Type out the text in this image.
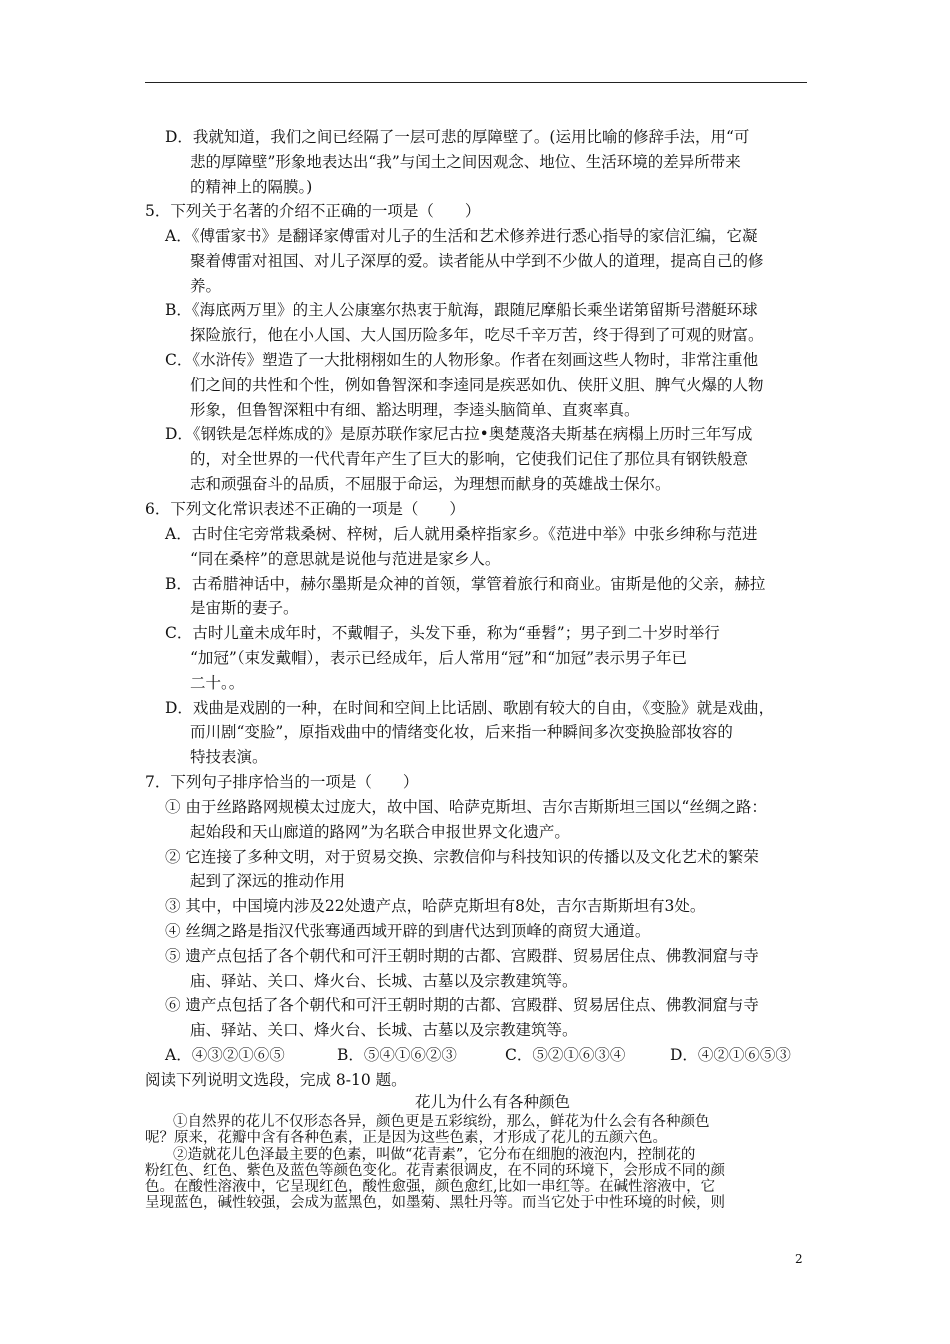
D．我就知道，我们之间已经隔了一层可悲的厚障壁了。(运用比喻的修辞手法，用“可

悲的厚障壁”形象地表达出“我”与闰土之间因观念、地位、生活环境的差异所带来

的精神上的隔膜。)

5．下列关于名著的介绍不正确的一项是（　　）

A．《傅雷家书》是翻译家傅雷对儿子的生活和艺术修养进行悉心指导的家信汇编，它凝

聚着傅雷对祖国、对儿子深厚的爱。读者能从中学到不少做人的道理，提高自己的修

养。

B．《海底两万里》的主人公康塞尔热衷于航海，跟随尼摩船长乘坐诺第留斯号潜艇环球

探险旅行，他在小人国、大人国历险多年，吃尽千辛万苦，终于得到了可观的财富。

C．《水浒传》塑造了一大批栩栩如生的人物形象。作者在刻画这些人物时，非常注重他

们之间的共性和个性，例如鲁智深和李逵同是疾恶如仇、侠肝义胆、脾气火爆的人物

形象，但鲁智深粗中有细、豁达明理，李逵头脑简单、直爽率真。

D．《钢铁是怎样炼成的》是原苏联作家尼古拉•奥楚蔑洛夫斯基在病榻上历时三年写成

的，对全世界的一代代青年产生了巨大的影响，它使我们记住了那位具有钢铁般意

志和顽强奋斗的品质，不屈服于命运，为理想而献身的英雄战士保尔。

6．下列文化常识表述不正确的一项是（　　）

A．古时住宅旁常栽桑树、梓树，后人就用桑梓指家乡。《范进中举》中张乡绅称与范进

“同在桑梓”的意思就是说他与范进是家乡人。

B．古希腊神话中，赫尔墨斯是众神的首领，掌管着旅行和商业。宙斯是他的父亲，赫拉

是宙斯的妻子。

C．古时儿童未成年时，不戴帽子，头发下垂，称为“垂髫”；男子到二十岁时举行

“加冠”（束发戴帽），表示已经成年，后人常用“冠”和“加冠”表示男子年已

二十。。

D．戏曲是戏剧的一种，在时间和空间上比话剧、歌剧有较大的自由，《变脸》就是戏曲，

而川剧“变脸”，原指戏曲中的情绪变化妆，后来指一种瞬间多次变换脸部妆容的

特技表演。

7．下列句子排序恰当的一项是（　　）

① 由于丝路路网规模太过庞大，故中国、哈萨克斯坦、吉尔吉斯斯坦三国以“丝绸之路：

起始段和天山廊道的路网”为名联合申报世界文化遗产。

② 它连接了多种文明，对于贸易交换、宗教信仰与科技知识的传播以及文化艺术的繁荣

起到了深远的推动作用

③ 其中，中国境内涉及22处遗产点，哈萨克斯坦有8处，吉尔吉斯斯坦有3处。

④ 丝绸之路是指汉代张骞通西域开辟的到唐代达到顶峰的商贸大通道。

⑤ 遗产点包括了各个朝代和可汗王朝时期的古都、宫殿群、贸易居住点、佛教洞窟与寺

庙、驿站、关口、烽火台、长城、古墓以及宗教建筑等。

⑥ 遗产点包括了各个朝代和可汗王朝时期的古都、宫殿群、贸易居住点、佛教洞窟与寺

庙、驿站、关口、烽火台、长城、古墓以及宗教建筑等。

A．④③②①⑥⑤	B．⑤④①⑥②③	C．⑤②①⑥③④	D．④②①⑥⑤③

阅读下列说明文选段，完成 8-10 题。

花儿为什么有各种颜色

①自然界的花儿不仅形态各异，颜色更是五彩缤纷，那么，鲜花为什么会有各种颜色

呢？原来，花瓣中含有各种色素，正是因为这些色素，才形成了花儿的五颜六色。

②造就花儿色泽最主要的色素，叫做“花青素”，它分布在细胞的液泡内，控制花的

粉红色、红色、紫色及蓝色等颜色变化。花青素很调皮，在不同的环境下，会形成不同的颜

色。在酸性溶液中，它呈现红色，酸性愈强，颜色愈红,比如一串红等。在碱性溶液中，它

呈现蓝色，碱性较强，会成为蓝黑色，如墨菊、黑牡丹等。而当它处于中性环境的时候，则

2
